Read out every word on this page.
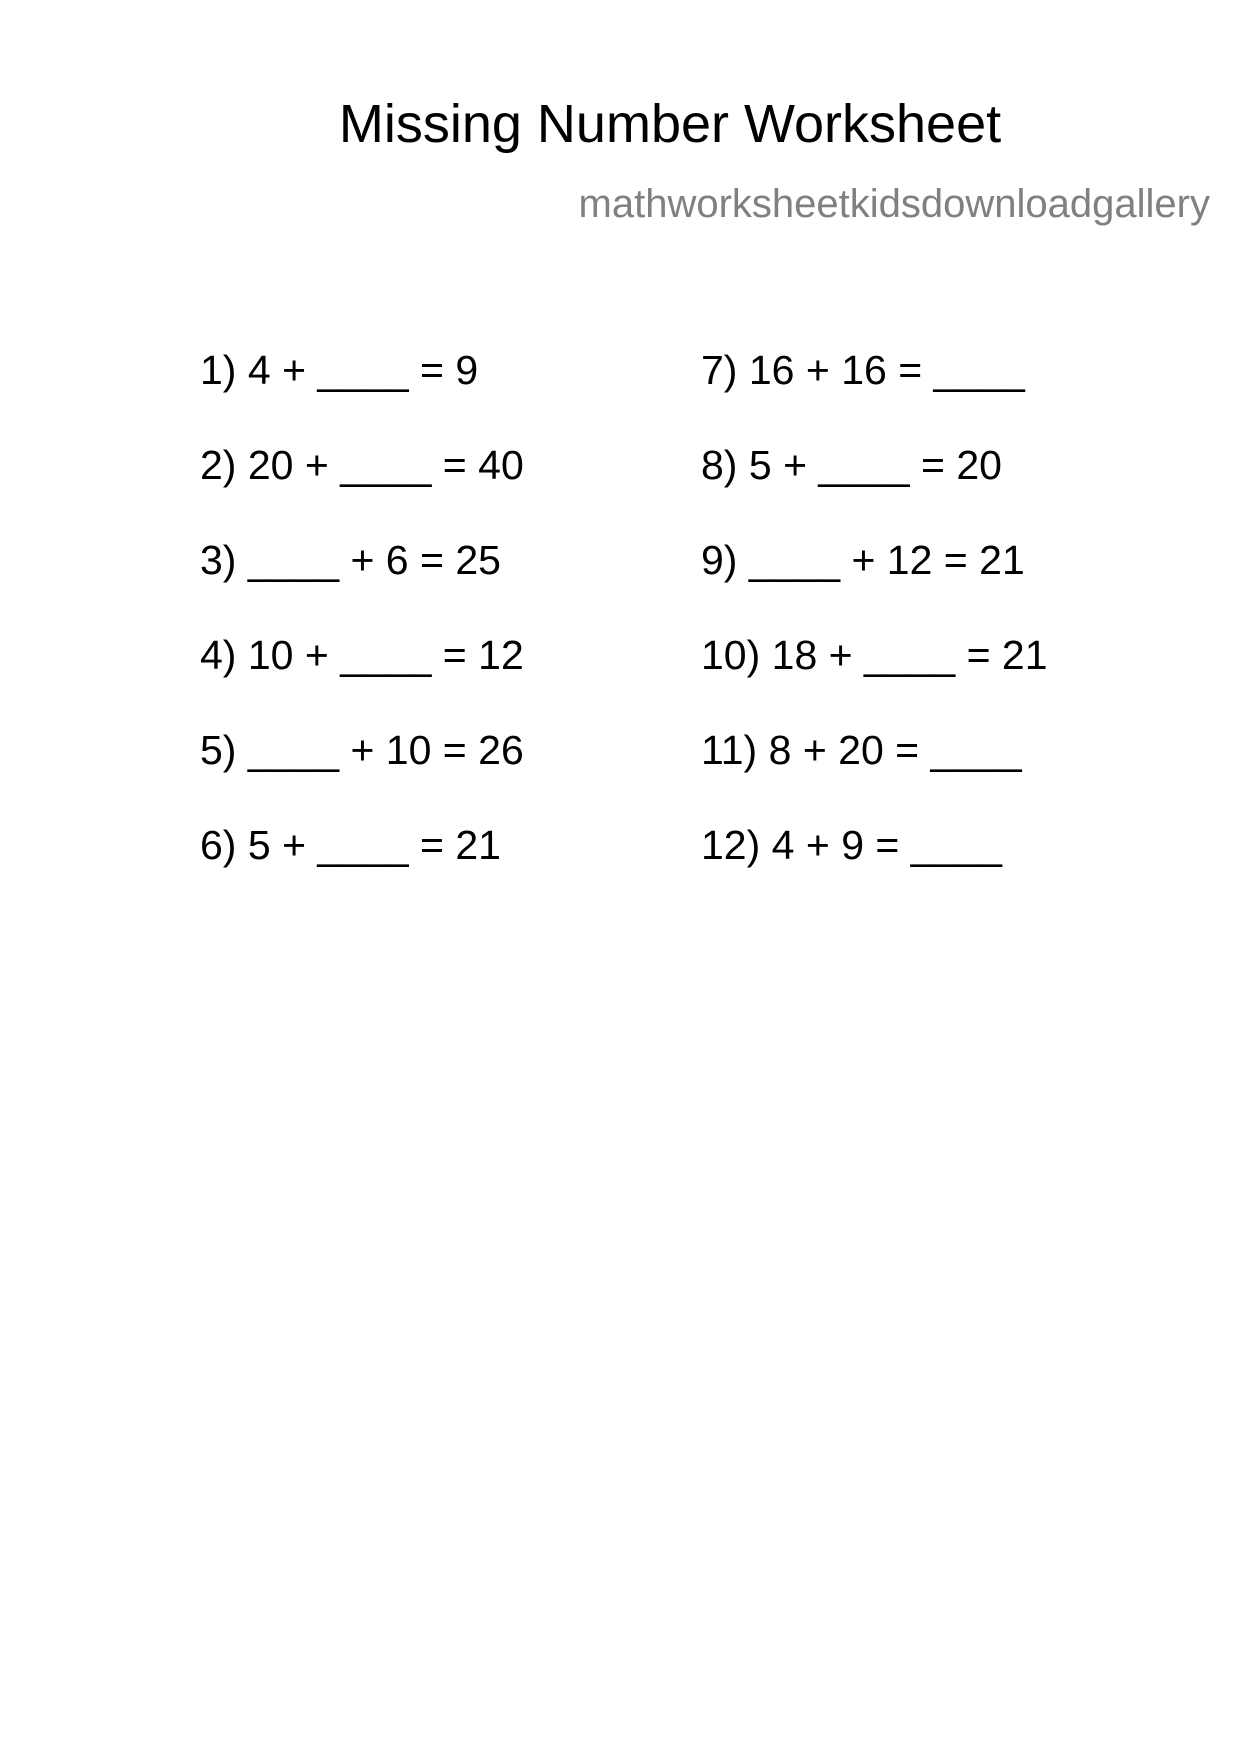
Missing Number Worksheet
mathworksheetkidsdownloadgallery
1) 4 + ____ = 9
2) 20 + ____ = 40
3) ____ + 6 = 25
4) 10 + ____ = 12
5) ____ + 10 = 26
6) 5 + ____ = 21
7) 16 + 16 = ____
8) 5 + ____ = 20
9) ____ + 12 = 21
10) 18 + ____ = 21
11) 8 + 20 = ____
12) 4 + 9 = ____
